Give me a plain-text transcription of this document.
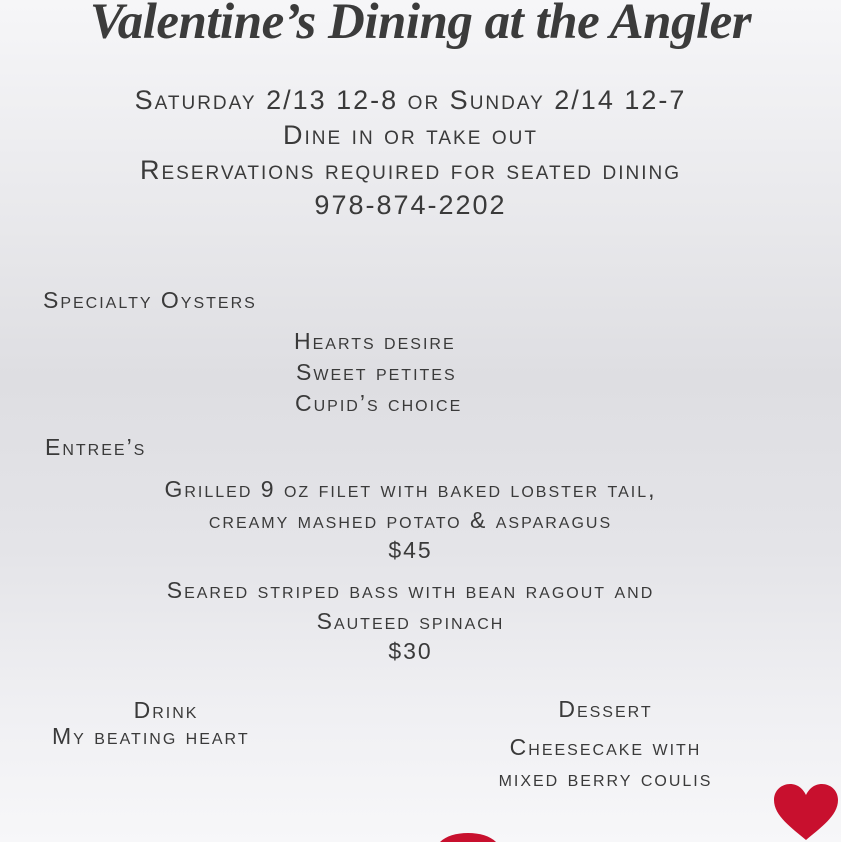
Valentine’s Dining at the Angler
Saturday 2/13 12-8 or Sunday 2/14 12-7
Dine in or take out
Reservations required for seated dining
978-874-2202
Specialty Oysters
Hearts desire
Sweet petites
Cupid’s choice
Entree’s
Grilled 9 oz filet with baked lobster tail,
creamy mashed potato & asparagus
$45
Seared striped bass with bean ragout and
Sauteed spinach
$30
Drink
My beating heart
Dessert
Cheesecake with
mixed berry coulis
